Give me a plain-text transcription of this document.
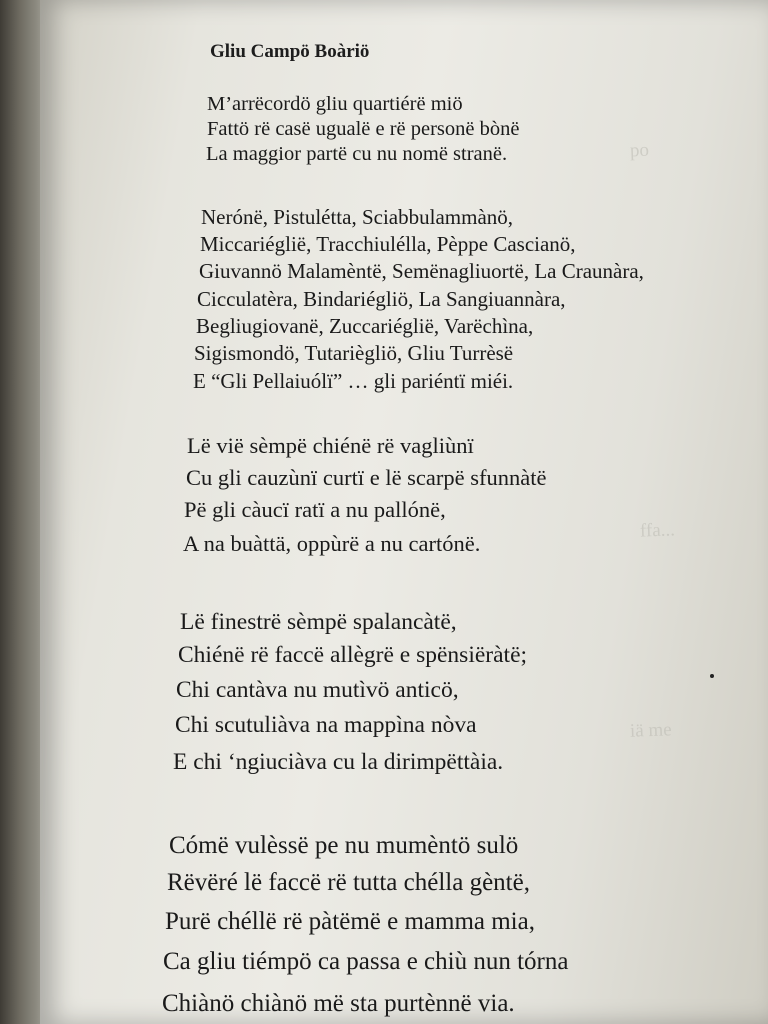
po
ffa...
iä me
Gliu Campö Boàriö
M’arrëcordö gliu quartiérë miö
Fattö rë casë ugualë e rë personë bònë
La maggior partë cu nu nomë stranë.
Nerónë, Pistulétta, Sciabbulammànö,
Miccariéglië, Tracchiulélla, Pèppe Cascianö,
Giuvannö Malamèntë, Semënagliuortë, La Craunàra,
Cicculatèra, Bindariégliö, La Sangiuannàra,
Begliugiovanë, Zuccariéglië, Varëchìna,
Sigismondö, Tutariègliö, Gliu Turrèsë
E “Gli Pellaiuólï” … gli pariéntï miéi.
Lë vië sèmpë chiénë rë vagliùnï
Cu gli cauzùnï curtï e lë scarpë sfunnàtë
Pë gli càucï ratï a nu pallónë,
A na buàttä, oppùrë a nu cartónë.
Lë finestrë sèmpë spalancàtë,
Chiénë rë faccë allègrë e spënsiëràtë;
Chi cantàva nu mutìvö anticö,
Chi scutuliàva na mappìna nòva
E chi ‘ngiuciàva cu la dirimpëttàia.
Cómë vulèssë pe nu mumèntö sulö
Rëvëré lë faccë rë tutta chélla gèntë,
Purë chéllë rë pàtëmë e mamma mia,
Ca gliu tiémpö ca passa e chiù nun tórna
Chiànö chiànö më sta purtènnë via.
